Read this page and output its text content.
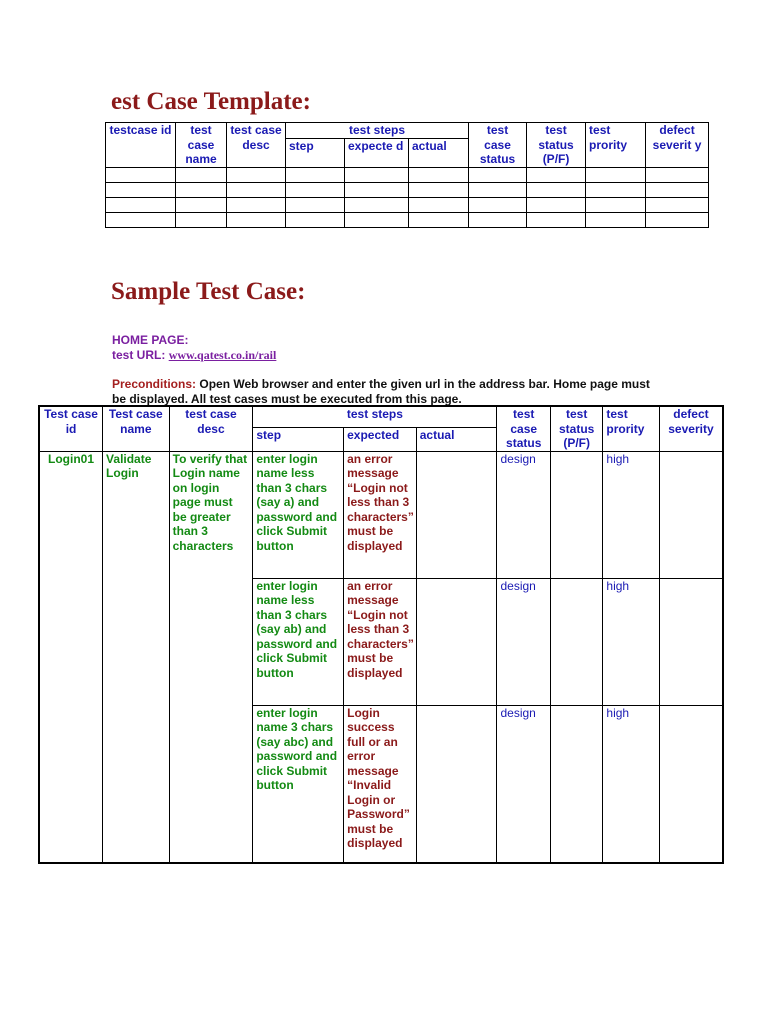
est Case Template:
testcase id	test case name	test case desc	test steps			test case status	test status (P/F)	test prority	defect severit y
			step	expecte d	actual				

Sample Test Case:
HOME PAGE:
test URL: www.qatest.co.in/rail
Preconditions: Open Web browser and enter the given url in the address bar. Home page must be displayed. All test cases must be executed from this page.
Test case id	Test case name	test case desc	test steps			test case status	test status (P/F)	test prority	defect severity
			step	expected	actual				
Login01	Validate Login	To verify that Login name on login page must be greater than 3 characters	enter login name less than 3 chars (say a) and password and click Submit button	an error message “Login not less than 3 characters” must be displayed		design		high	
			enter login name less than 3 chars (say ab) and password and click Submit button	an error message “Login not less than 3 characters” must be displayed		design		high	
			enter login name 3 chars (say abc) and password and click Submit button	Login success full or an error message “Invalid Login or Password” must be displayed		design		high	
